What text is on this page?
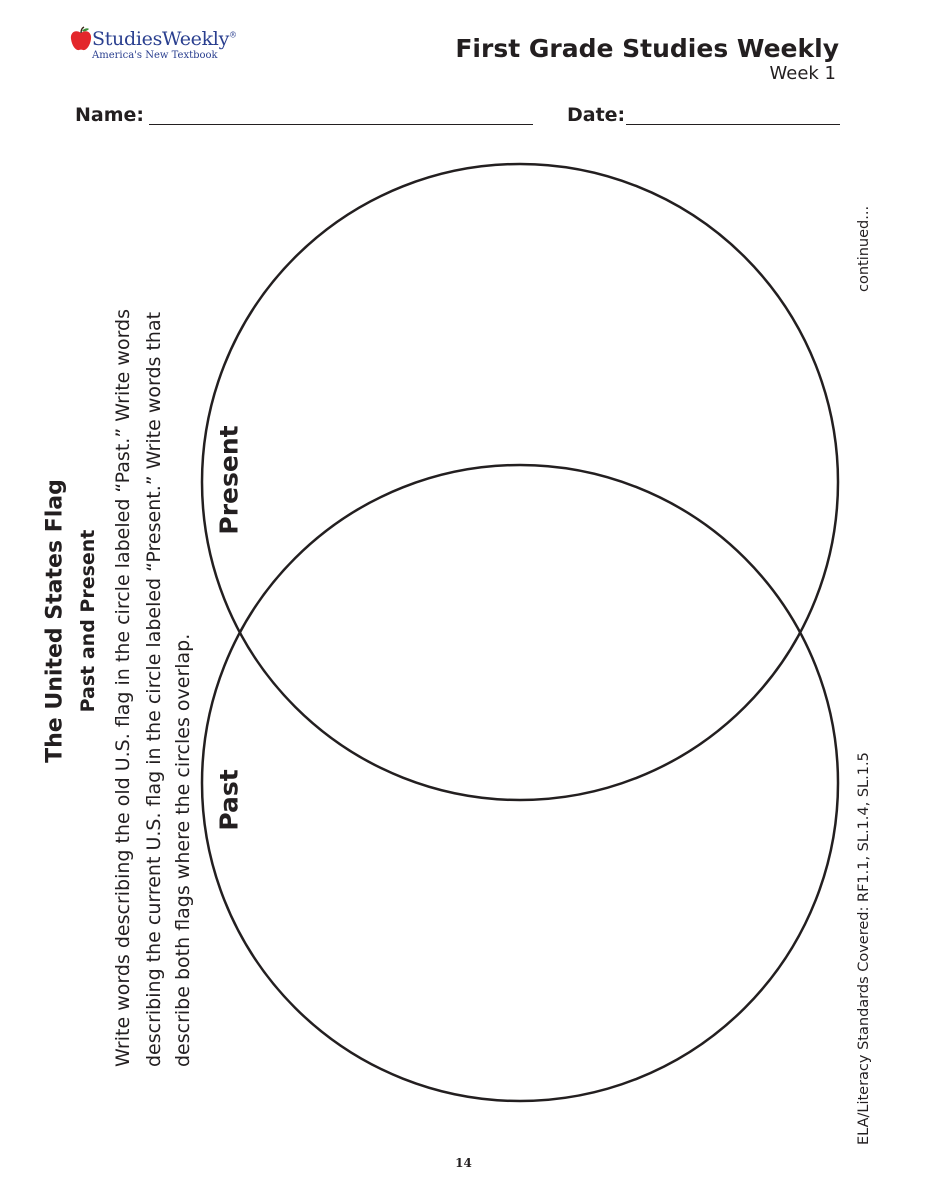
StudiesWeekly®
America's New Textbook	First Grade Studies Weekly
Week 1
Name:	Date:
The United States Flag Past and Present Write words describing the old U.S. flag in the circle labeled “Past.” Write words describing the current U.S. flag in the circle labeled “Present.” Write words that describe both flags where the circles overlap.
Present
Past
continued...
ELA/Literacy Standards Covered: RF1.1, SL.1.4, SL.1.5
14
